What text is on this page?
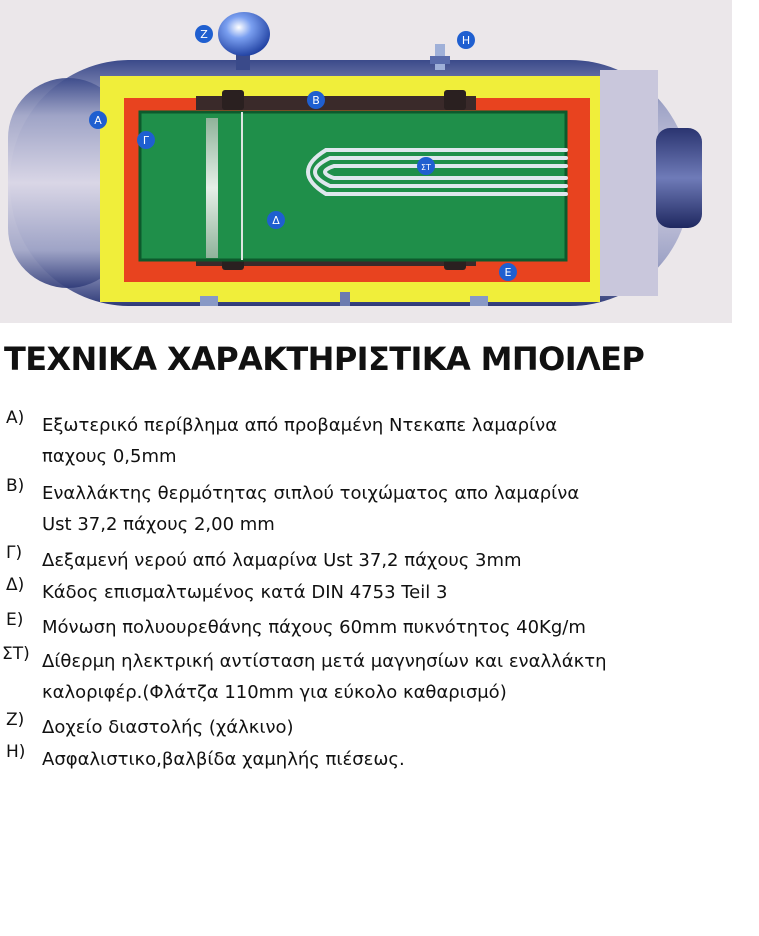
Α
Β
Γ
Δ
Ε
ΣΤ
Ζ	Η
ΤΕΧΝΙΚΑ ΧΑΡΑΚΤΗΡΙΣΤΙΚΑ ΜΠΟΙΛΕΡ
Α) Εξωτερικό περίβλημα από προβαμένη Ντεκαπε λαμαρίνα
παχους 0,5mm
Β) Εναλλάκτης θερμότητας σιπλού τοιχώματος απο λαμαρίνα
Ust 37,2 πάχους 2,00 mm
Γ) Δεξαμενή νερού από λαμαρίνα Ust 37,2 πάχους 3mm
Δ) Κάδος επισμαλτωμένος κατά DIN 4753 Teil 3
Ε) Μόνωση πολυουρεθάνης πάχους 60mm πυκνότητος 40Kg/m
ΣΤ) Δίθερμη ηλεκτρική αντίσταση μετά μαγνησίων και εναλλάκτη
καλοριφέρ.(Φλάτζα 110mm για εύκολο καθαρισμό)
Ζ) Δοχείο διαστολής (χάλκινο)
Η) Ασφαλιστικο,βαλβίδα χαμηλής πιέσεως.
